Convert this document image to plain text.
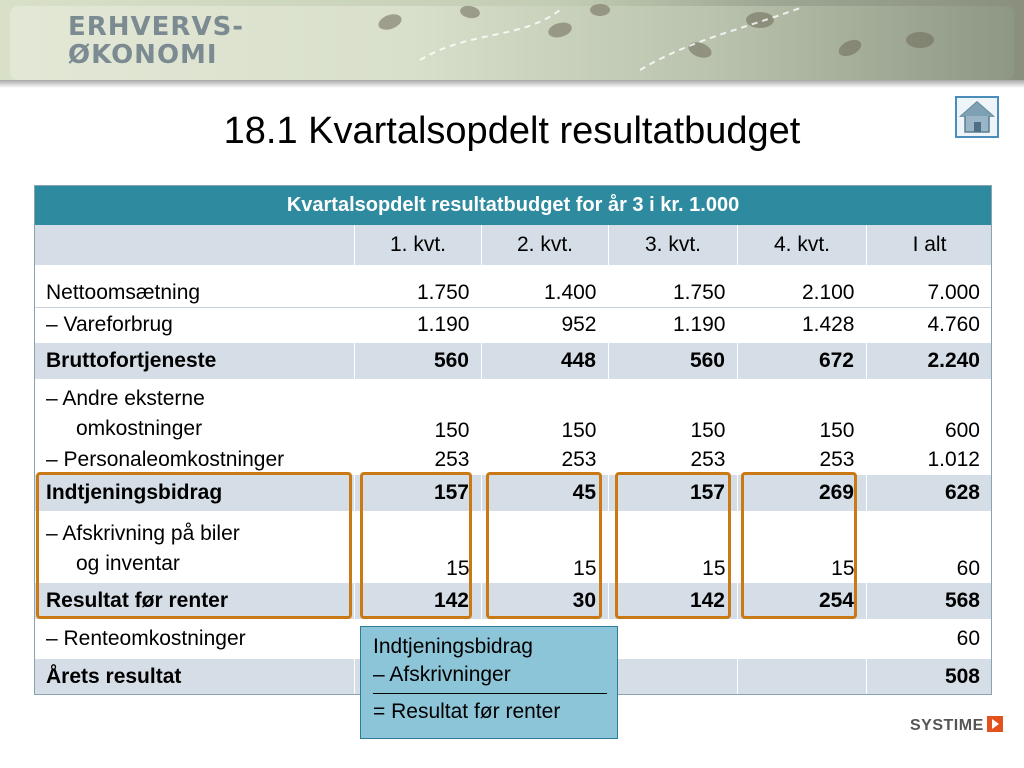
ERHVERVS-
ØKONOMI
18.1 Kvartalsopdelt resultatbudget
Kvartalsopdelt resultatbudget for år 3 i kr. 1.000					
	1. kvt.	2. kvt.	3. kvt.	4. kvt.	I alt
Nettoomsætning	1.750	1.400	1.750	2.100	7.000
– Vareforbrug	1.190	952	1.190	1.428	4.760
Bruttofortjeneste	560	448	560	672	2.240
– Andre eksterne
omkostninger	150	150	150	150	600
– Personaleomkostninger	253	253	253	253	1.012
Indtjeningsbidrag	157	45	157	269	628
– Afskrivning på biler
og inventar	15	15	15	15	60
Resultat før renter	142	30	142	254	568
– Renteomkostninger					60
Årets resultat					508
Indtjeningsbidrag
– Afskrivninger
= Resultat før renter
SYSTIME
